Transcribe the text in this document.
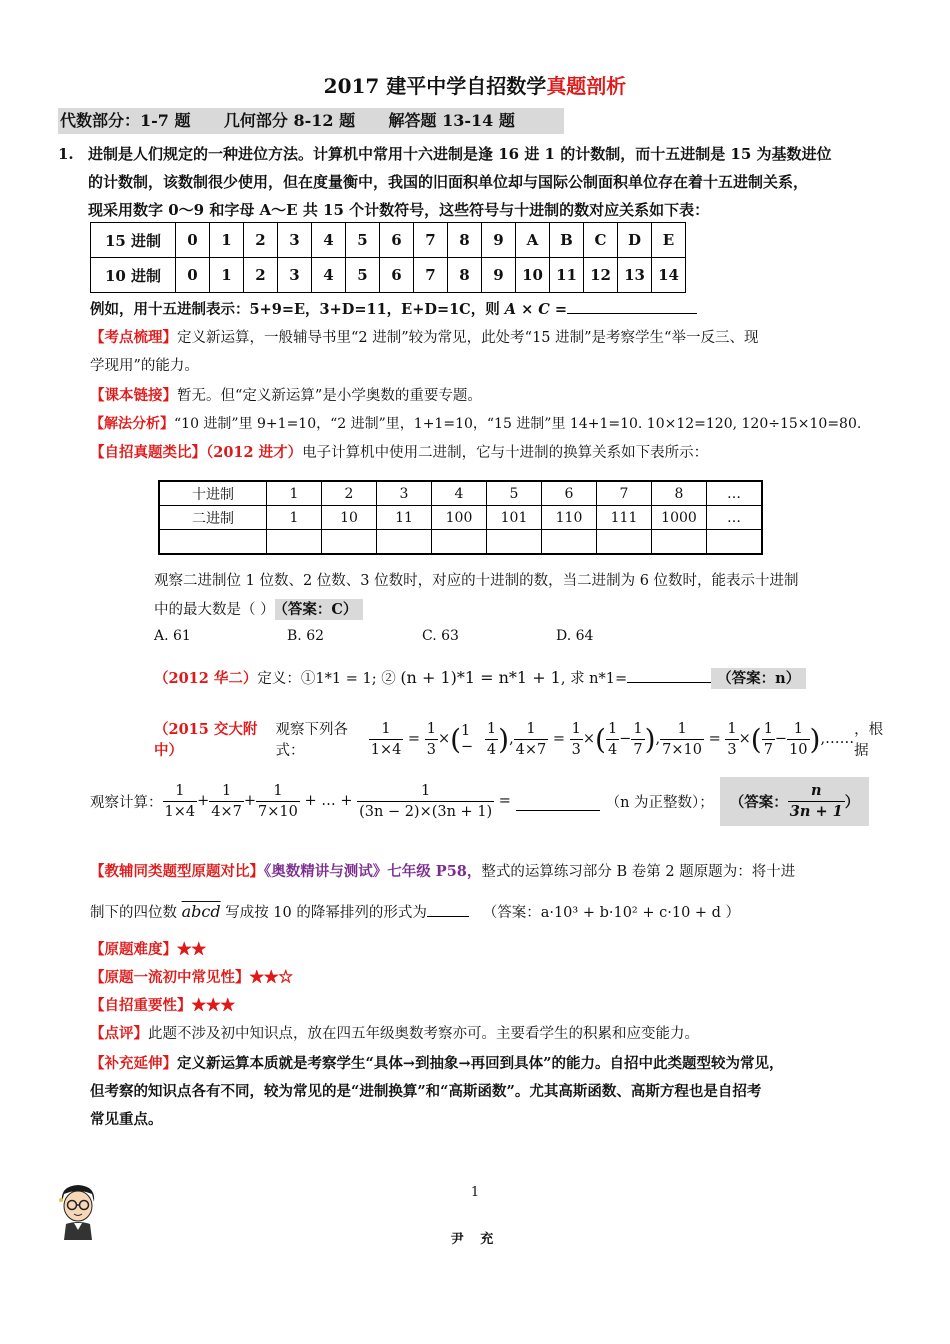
2017 建平中学自招数学真题剖析
代数部分：1-7 题      几何部分 8-12 题      解答题 13-14 题
1. 进制是人们规定的一种进位方法。计算机中常用十六进制是逢 16 进 1 的计数制，而十五进制是 15 为基数进位
的计数制，该数制很少使用，但在度量衡中，我国的旧面积单位却与国际公制面积单位存在着十五进制关系，
现采用数字 0～9 和字母 A～E 共 15 个计数符号，这些符号与十进制的数对应关系如下表：
15 进制	0	1	2	3	4	5	6	7	8	9	A	B	C	D	E
10 进制	0	1	2	3	4	5	6	7	8	9	10	11	12	13	14
例如，用十五进制表示：5+9=E，3+D=11，E+D=1C，则 A × C =
【考点梳理】定义新运算，一般辅导书里“2 进制”较为常见，此处考“15 进制”是考察学生“举一反三、现
学现用”的能力。
【课本链接】暂无。但“定义新运算”是小学奥数的重要专题。
【解法分析】“10 进制”里 9+1=10，“2 进制”里，1+1=10，“15 进制”里 14+1=10. 10×12=120, 120÷15×10=80.
【自招真题类比】（2012 进才）电子计算机中使用二进制，它与十进制的换算关系如下表所示：
十进制	1	2	3	4	5	6	7	8	…
二进制	1	10	11	100	101	110	111	1000	…

观察二进制位 1 位数、2 位数、3 位数时，对应的十进制的数，当二进制为 6 位数时，能表示十进制
中的最大数是（ ） （答案：C）
A. 61	B. 62	C. 63	D. 64
（2012 华二）定义：①1*1 = 1; ② (n + 1)*1 = n*1 + 1, 求 n*1=	（答案：n）
（2015 交大附中）
观察下列各式：	$\frac{1}{1\times 4} = \frac{1}{3}$ × ( $1 - \frac{1}{4}$ ) , $\frac{1}{4\times 7} = \frac{1}{3}$ × ( $\frac{1}{4} - \frac{1}{7}$ ) , $\frac{1}{7\times 10} = \frac{1}{3}$ × ( $\frac{1}{7} - \frac{1}{10}$ ) ,……
，根据
观察计算： $\frac{1}{1\times 4} + \frac{1}{4\times 7} + \frac{1}{7\times 10}$ + … + $\frac{1}{(3n - 2)\times(3n + 1)}$ =	（n 为正整数）； （答案： $\frac{n}{3n + 1}$ ）
【教辅同类题型原题对比】《奥数精讲与测试》七年级 P58，整式的运算练习部分 B 卷第 2 题原题为：将十进
制下的四位数 abcd 写成按 10 的降幂排列的形式为	（答案：a·10³ + b·10² + c·10 + d ）
【原题难度】★★
【原题一流初中常见性】★★☆
【自招重要性】★★★
【点评】此题不涉及初中知识点，放在四五年级奥数考察亦可。主要看学生的积累和应变能力。
【补充延伸】定义新运算本质就是考察学生“具体→到抽象→再回到具体”的能力。自招中此类题型较为常见，
但考察的知识点各有不同，较为常见的是“进制换算”和“高斯函数”。尤其高斯函数、高斯方程也是自招考
常见重点。
1
尹 充
